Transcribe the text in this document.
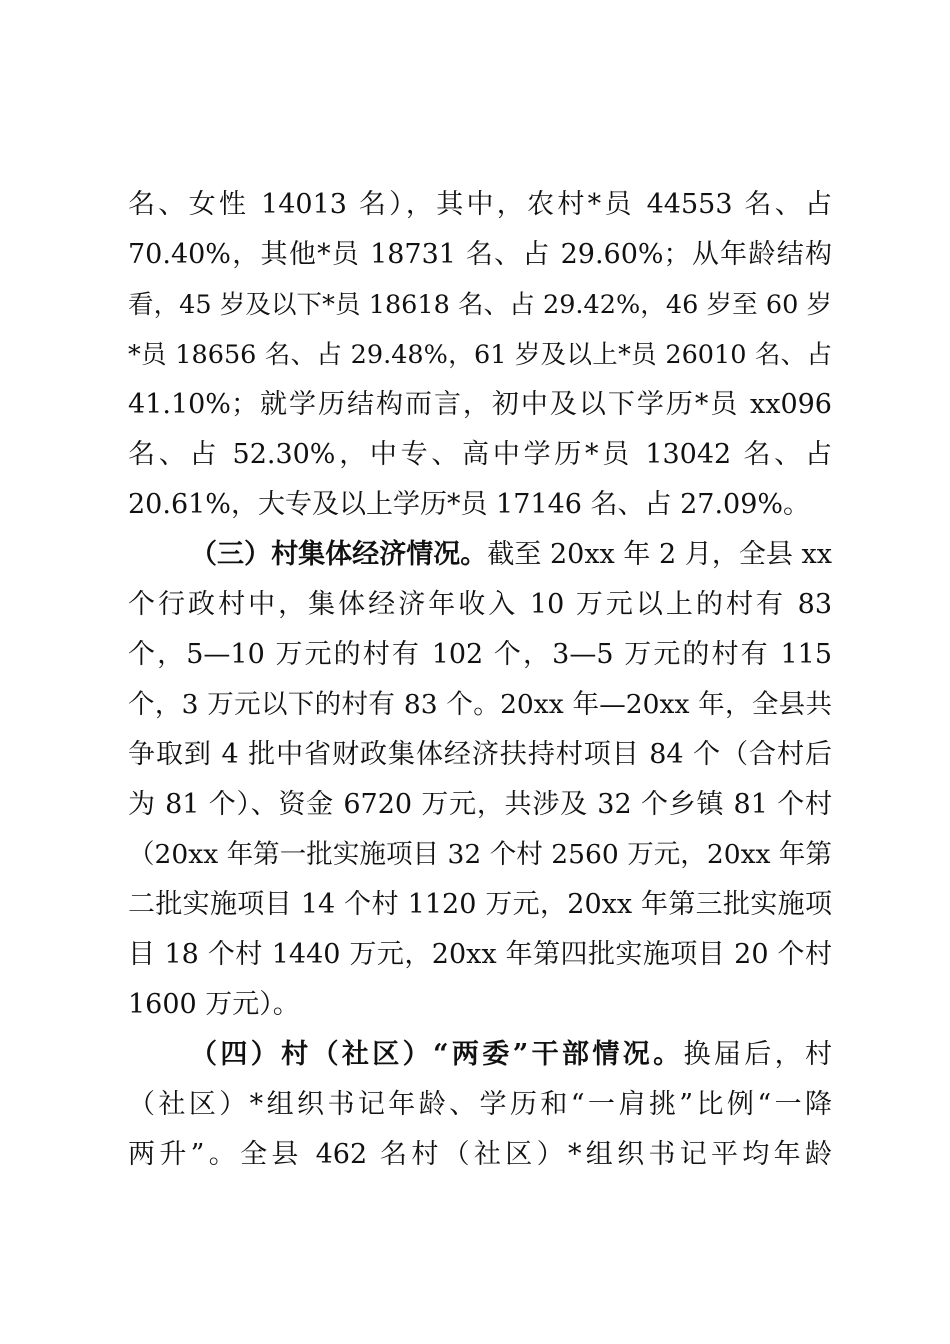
名、女性 14013 名），其中，农村*员 44553 名、占
70.40%，其他*员 18731 名、占 29.60%；从年龄结构
看，45 岁及以下*员 18618 名、占 29.42%，46 岁至 60 岁
*员 18656 名、占 29.48%，61 岁及以上*员 26010 名、占
41.10%；就学历结构而言，初中及以下学历*员 xx096
名、占 52.30%，中专、高中学历*员 13042 名、占
20.61%，大专及以上学历*员 17146 名、占 27.09%。
（三）村集体经济情况。截至 20xx 年 2 月，全县 xx
个行政村中，集体经济年收入 10 万元以上的村有 83
个，5—10 万元的村有 102 个，3—5 万元的村有 115
个，3 万元以下的村有 83 个。20xx 年—20xx 年，全县共
争取到 4 批中省财政集体经济扶持村项目 84 个（合村后
为 81 个）、资金 6720 万元，共涉及 32 个乡镇 81 个村
（20xx 年第一批实施项目 32 个村 2560 万元，20xx 年第
二批实施项目 14 个村 1120 万元，20xx 年第三批实施项
目 18 个村 1440 万元，20xx 年第四批实施项目 20 个村
1600 万元）。
（四）村（社区）“两委”干部情况。换届后，村
（社区）*组织书记年龄、学历和“一肩挑”比例“一降
两升”。全县 462 名村（社区）*组织书记平均年龄
